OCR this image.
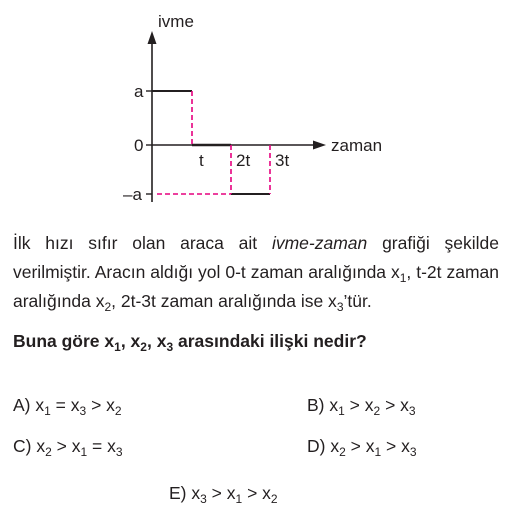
ivme
zaman
a
0
–a
t 2t 3t

İlk hızı sıfır olan araca ait ivme-zaman grafiği şekilde verilmiştir. Aracın aldığı yol 0-t zaman aralığında $x_1$, t-2t zaman aralığında $x_2$, 2t-3t zaman aralığında ise $x_3’tür$.

Buna göre $x_1$, $x_2$, $x_3$ arasındaki ilişki nedir?

A) $x_1 = x_3 > x_2$	B) $x_1 > x_2 > x_3$
C) $x_2 > x_1 = x_3$	D) $x_2 > x_1 > x_3$
E) $x_3 > x_1 > x_2$
